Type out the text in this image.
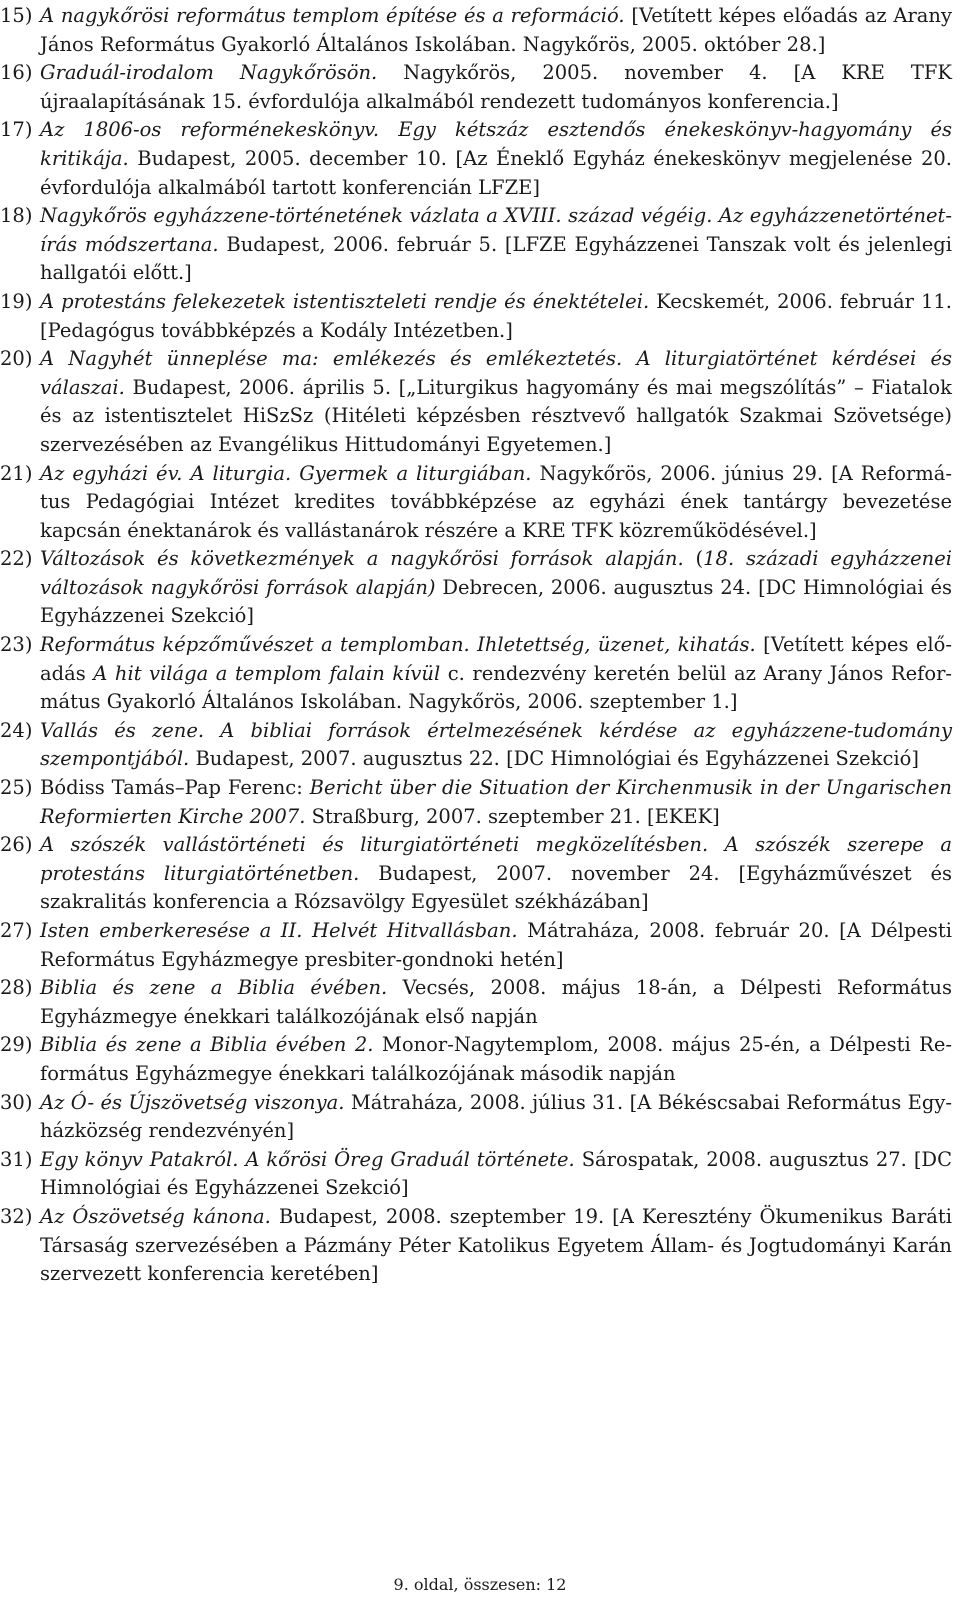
15) A nagykőrösi református templom építése és a reformáció. [Vetített képes előadás az Arany János Református Gyakorló Általános Iskolában. Nagykőrös, 2005. október 28.]
16) Graduál-irodalom Nagykőrösön. Nagykőrös, 2005. november 4. [A KRE TFK újraalapításának 15. évfordulója alkalmából rendezett tudományos konferencia.]
17) Az 1806-os reforménekeskönyv. Egy kétszáz esztendős énekeskönyv-hagyomány és kritikája. Budapest, 2005. december 10. [Az Éneklő Egyház énekeskönyv megjelenése 20. évfordulója alkalmából tartott konferencián LFZE]
18) Nagykőrös egyházzene-történetének vázlata a XVIII. század végéig. Az egyházzenetörténetírás módszertana. Budapest, 2006. február 5. [LFZE Egyházzenei Tanszak volt és jelenlegi hallgatói előtt.]
19) A protestáns felekezetek istentiszteleti rendje és énektételei. Kecskemét, 2006. február 11. [Pedagógus továbbképzés a Kodály Intézetben.]
20) A Nagyhét ünneplése ma: emlékezés és emlékeztetés. A liturgiatörténet kérdései és válaszai. Budapest, 2006. április 5. [„Liturgikus hagyomány és mai megszólítás” – Fiatalok és az istentisztelet HiSzSz (Hitéleti képzésben résztvevő hallgatók Szakmai Szövetsége) szervezésében az Evangélikus Hittudományi Egyetemen.]
21) Az egyházi év. A liturgia. Gyermek a liturgiában. Nagykőrös, 2006. június 29. [A Református Pedagógiai Intézet kredites továbbképzése az egyházi ének tantárgy bevezetése kapcsán énektanárok és vallástanárok részére a KRE TFK közreműködésével.]
22) Változások és következmények a nagykőrösi források alapján. (18. századi egyházzenei változások nagykőrösi források alapján) Debrecen, 2006. augusztus 24. [DC Himnológiai és Egyházzenei Szekció]
23) Református képzőművészet a templomban. Ihletettség, üzenet, kihatás. [Vetített képes előadás A hit világa a templom falain kívül c. rendezvény keretén belül az Arany János Református Gyakorló Általános Iskolában. Nagykőrös, 2006. szeptember 1.]
24) Vallás és zene. A bibliai források értelmezésének kérdése az egyházzene-tudomány szempontjából. Budapest, 2007. augusztus 22. [DC Himnológiai és Egyházzenei Szekció]
25) Bódiss Tamás–Pap Ferenc: Bericht über die Situation der Kirchenmusik in der Ungarischen Reformierten Kirche 2007. Straßburg, 2007. szeptember 21. [EKEK]
26) A szószék vallástörténeti és liturgiatörténeti megközelítésben. A szószék szerepe a protestáns liturgiatörténetben. Budapest, 2007. november 24. [Egyházművészet és szakralitás konferencia a Rózsavölgy Egyesület székházában]
27) Isten emberkeresése a II. Helvét Hitvallásban. Mátraháza, 2008. február 20. [A Délpesti Református Egyházmegye presbiter-gondnoki hetén]
28) Biblia és zene a Biblia évében. Vecsés, 2008. május 18-án, a Délpesti Református Egyházmegye énekkari találkozójának első napján
29) Biblia és zene a Biblia évében 2. Monor-Nagytemplom, 2008. május 25-én, a Délpesti Református Egyházmegye énekkari találkozójának második napján
30) Az Ó- és Újszövetség viszonya. Mátraháza, 2008. július 31. [A Békéscsabai Református Egyházközség rendezvényén]
31) Egy könyv Patakról. A kőrösi Öreg Graduál története. Sárospatak, 2008. augusztus 27. [DC Himnológiai és Egyházzenei Szekció]
32) Az Ószövetség kánona. Budapest, 2008. szeptember 19. [A Keresztény Ökumenikus Baráti Társaság szervezésében a Pázmány Péter Katolikus Egyetem Állam- és Jogtudományi Karán szervezett konferencia keretében]
9. oldal, összesen: 12
